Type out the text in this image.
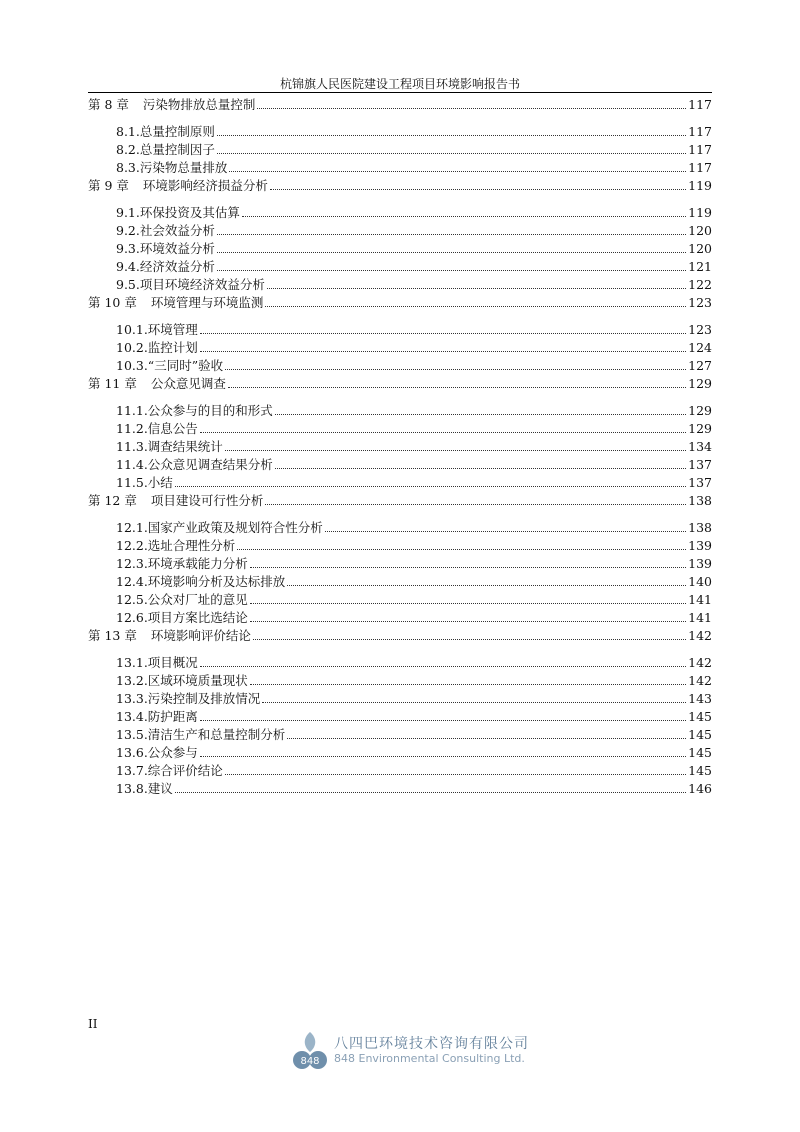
杭锦旗人民医院建设工程项目环境影响报告书
第 8 章 污染物排放总量控制	117
8.1.总量控制原则	117
8.2.总量控制因子	117
8.3.污染物总量排放	117
第 9 章 环境影响经济损益分析	119
9.1.环保投资及其估算	119
9.2.社会效益分析	120
9.3.环境效益分析	120
9.4.经济效益分析	121
9.5.项目环境经济效益分析	122
第 10 章 环境管理与环境监测	123
10.1.环境管理	123
10.2.监控计划	124
10.3.“三同时”验收	127
第 11 章 公众意见调查	129
11.1.公众参与的目的和形式	129
11.2.信息公告	129
11.3.调查结果统计	134
11.4.公众意见调查结果分析	137
11.5.小结	137
第 12 章 项目建设可行性分析	138
12.1.国家产业政策及规划符合性分析	138
12.2.选址合理性分析	139
12.3.环境承载能力分析	139
12.4.环境影响分析及达标排放	140
12.5.公众对厂址的意见	141
12.6.项目方案比选结论	141
第 13 章 环境影响评价结论	142
13.1.项目概况	142
13.2.区域环境质量现状	142
13.3.污染控制及排放情况	143
13.4.防护距离	145
13.5.清洁生产和总量控制分析	145
13.6.公众参与	145
13.7.综合评价结论	145
13.8.建议	146
II
848
八四巴环境技术咨询有限公司
848 Environmental Consulting Ltd.
